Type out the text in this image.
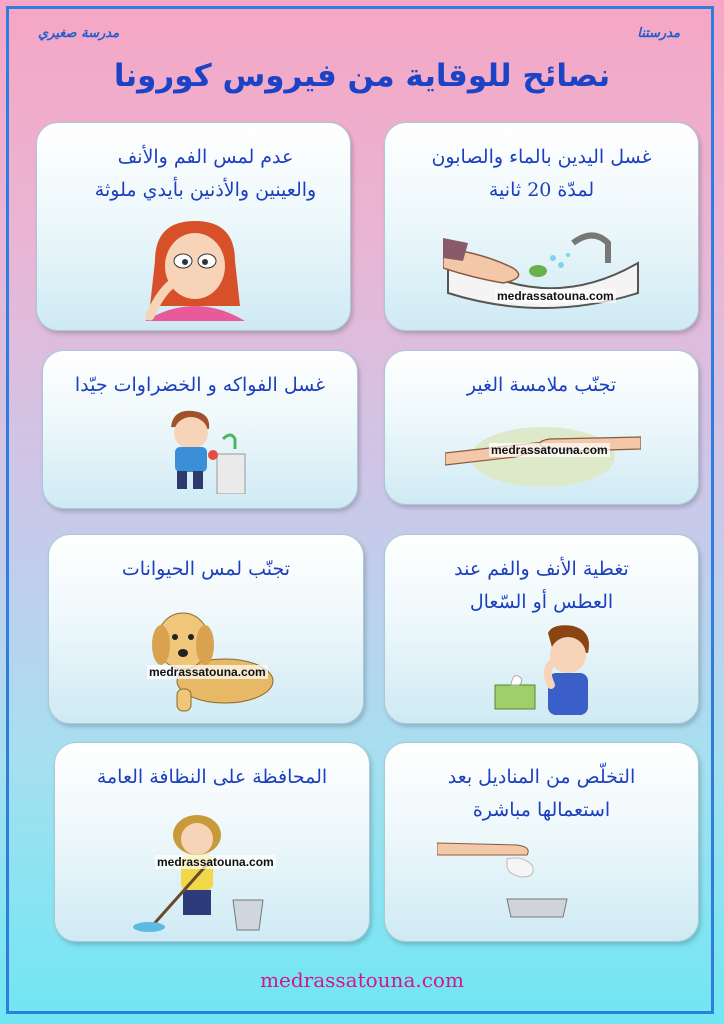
مدرسة صغيري	مدرستنا
نصائح للوقاية من فيروس كورونا
غسل اليدين بالماء والصابون لمدّة 20 ثانية
medrassatouna.com
عدم لمس الفم والأنف والعينين والأذنين بأيدي ملوثة
تجنّب ملامسة الغير
medrassatouna.com
غسل الفواكه و الخضراوات جيّدا
تغطية الأنف والفم عند العطس أو السّعال
تجنّب لمس الحيوانات
medrassatouna.com
التخلّص من المناديل بعد استعمالها مباشرة
المحافظة على النظافة العامة
medrassatouna.com
medrassatouna.com
